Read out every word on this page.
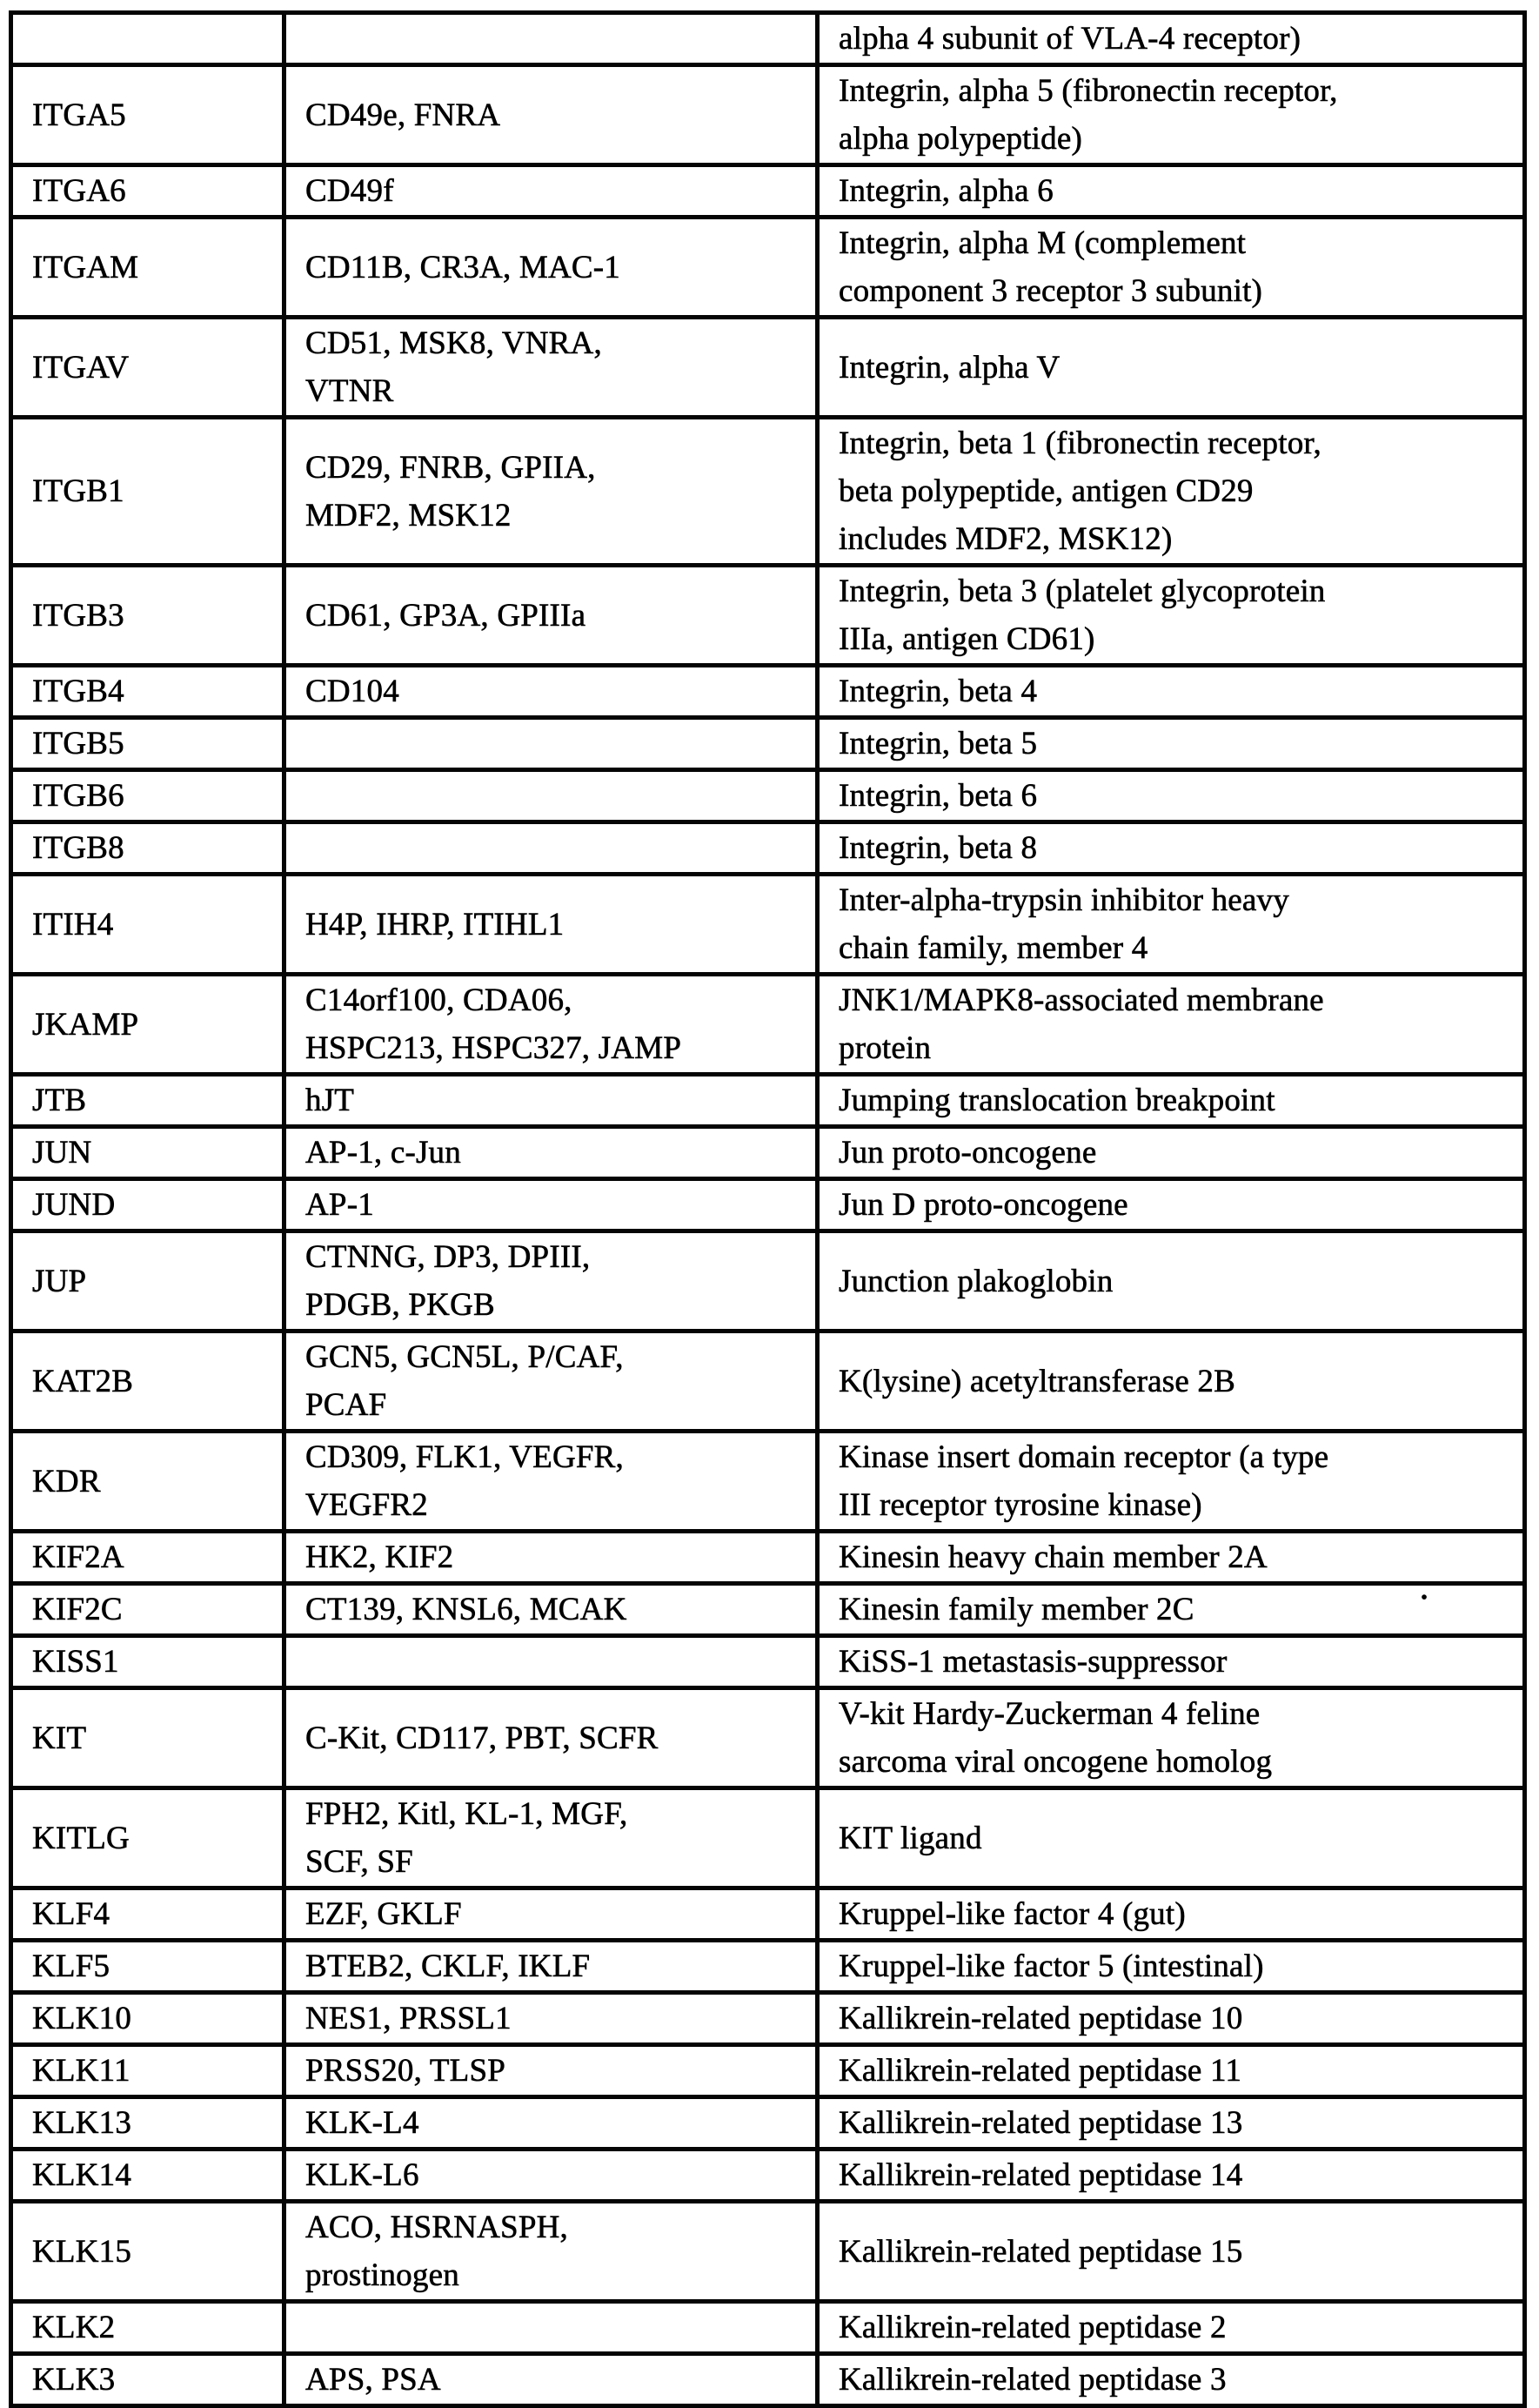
		alpha 4 subunit of VLA-4 receptor)
ITGA5	CD49e, FNRA	Integrin, alpha 5 (fibronectin receptor,
alpha polypeptide)
ITGA6	CD49f	Integrin, alpha 6
ITGAM	CD11B, CR3A, MAC-1	Integrin, alpha M (complement
component 3 receptor 3 subunit)
ITGAV	CD51, MSK8, VNRA,
VTNR	Integrin, alpha V
ITGB1	CD29, FNRB, GPIIA,
MDF2, MSK12	Integrin, beta 1 (fibronectin receptor,
beta polypeptide, antigen CD29
includes MDF2, MSK12)
ITGB3	CD61, GP3A, GPIIIa	Integrin, beta 3 (platelet glycoprotein
IIIa, antigen CD61)
ITGB4	CD104	Integrin, beta 4
ITGB5		Integrin, beta 5
ITGB6		Integrin, beta 6
ITGB8		Integrin, beta 8
ITIH4	H4P, IHRP, ITIHL1	Inter-alpha-trypsin inhibitor heavy
chain family, member 4
JKAMP	C14orf100, CDA06,
HSPC213, HSPC327, JAMP	JNK1/MAPK8-associated membrane
protein
JTB	hJT	Jumping translocation breakpoint
JUN	AP-1, c-Jun	Jun proto-oncogene
JUND	AP-1	Jun D proto-oncogene
JUP	CTNNG, DP3, DPIII,
PDGB, PKGB	Junction plakoglobin
KAT2B	GCN5, GCN5L, P/CAF,
PCAF	K(lysine) acetyltransferase 2B
KDR	CD309, FLK1, VEGFR,
VEGFR2	Kinase insert domain receptor (a type
III receptor tyrosine kinase)
KIF2A	HK2, KIF2	Kinesin heavy chain member 2A
KIF2C	CT139, KNSL6, MCAK	Kinesin family member 2C
KISS1		KiSS-1 metastasis-suppressor
KIT	C-Kit, CD117, PBT, SCFR	V-kit Hardy-Zuckerman 4 feline
sarcoma viral oncogene homolog
KITLG	FPH2, Kitl, KL-1, MGF,
SCF, SF	KIT ligand
KLF4	EZF, GKLF	Kruppel-like factor 4 (gut)
KLF5	BTEB2, CKLF, IKLF	Kruppel-like factor 5 (intestinal)
KLK10	NES1, PRSSL1	Kallikrein-related peptidase 10
KLK11	PRSS20, TLSP	Kallikrein-related peptidase 11
KLK13	KLK-L4	Kallikrein-related peptidase 13
KLK14	KLK-L6	Kallikrein-related peptidase 14
KLK15	ACO, HSRNASPH,
prostinogen	Kallikrein-related peptidase 15
KLK2		Kallikrein-related peptidase 2
KLK3	APS, PSA	Kallikrein-related peptidase 3
.
